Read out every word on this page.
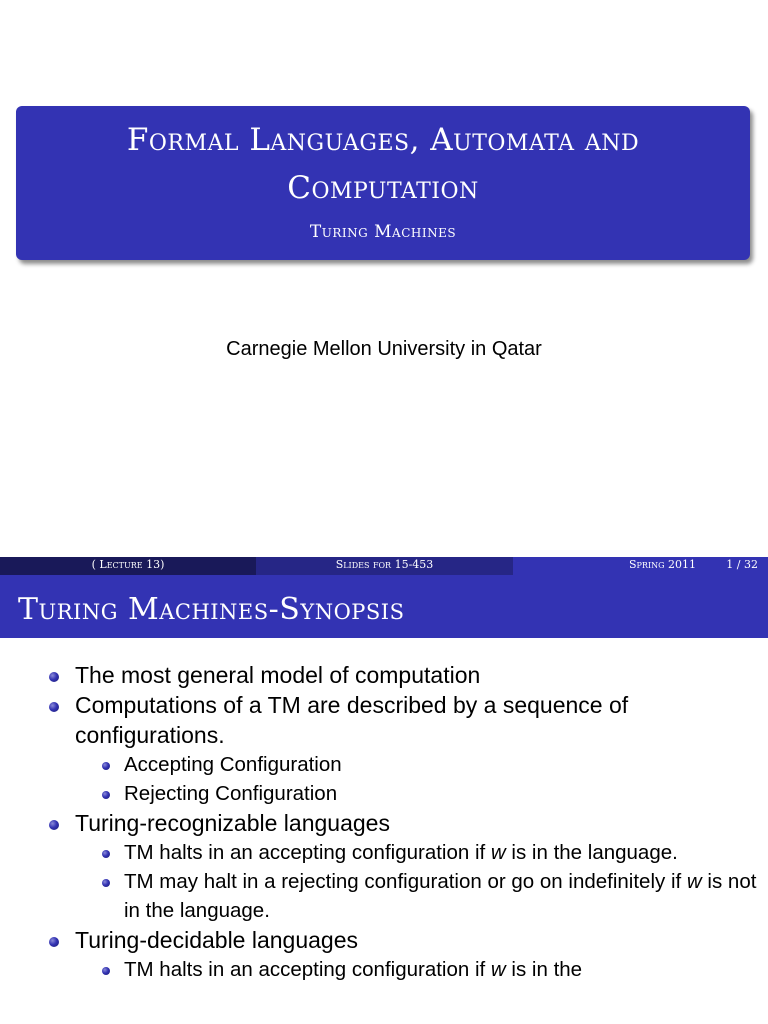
Formal Languages, Automata and
Computation
Turing Machines
Carnegie Mellon University in Qatar
( Lecture 13)	Slides for 15-453	Spring 2011	1 / 32
Turing Machines-Synopsis
The most general model of computation
Computations of a TM are described by a sequence of configurations.
Accepting Configuration
Rejecting Configuration
Turing-recognizable languages
TM halts in an accepting configuration if w is in the language.
TM may halt in a rejecting configuration or go on indefinitely if w is not in the language.
Turing-decidable languages
TM halts in an accepting configuration if w is in the
